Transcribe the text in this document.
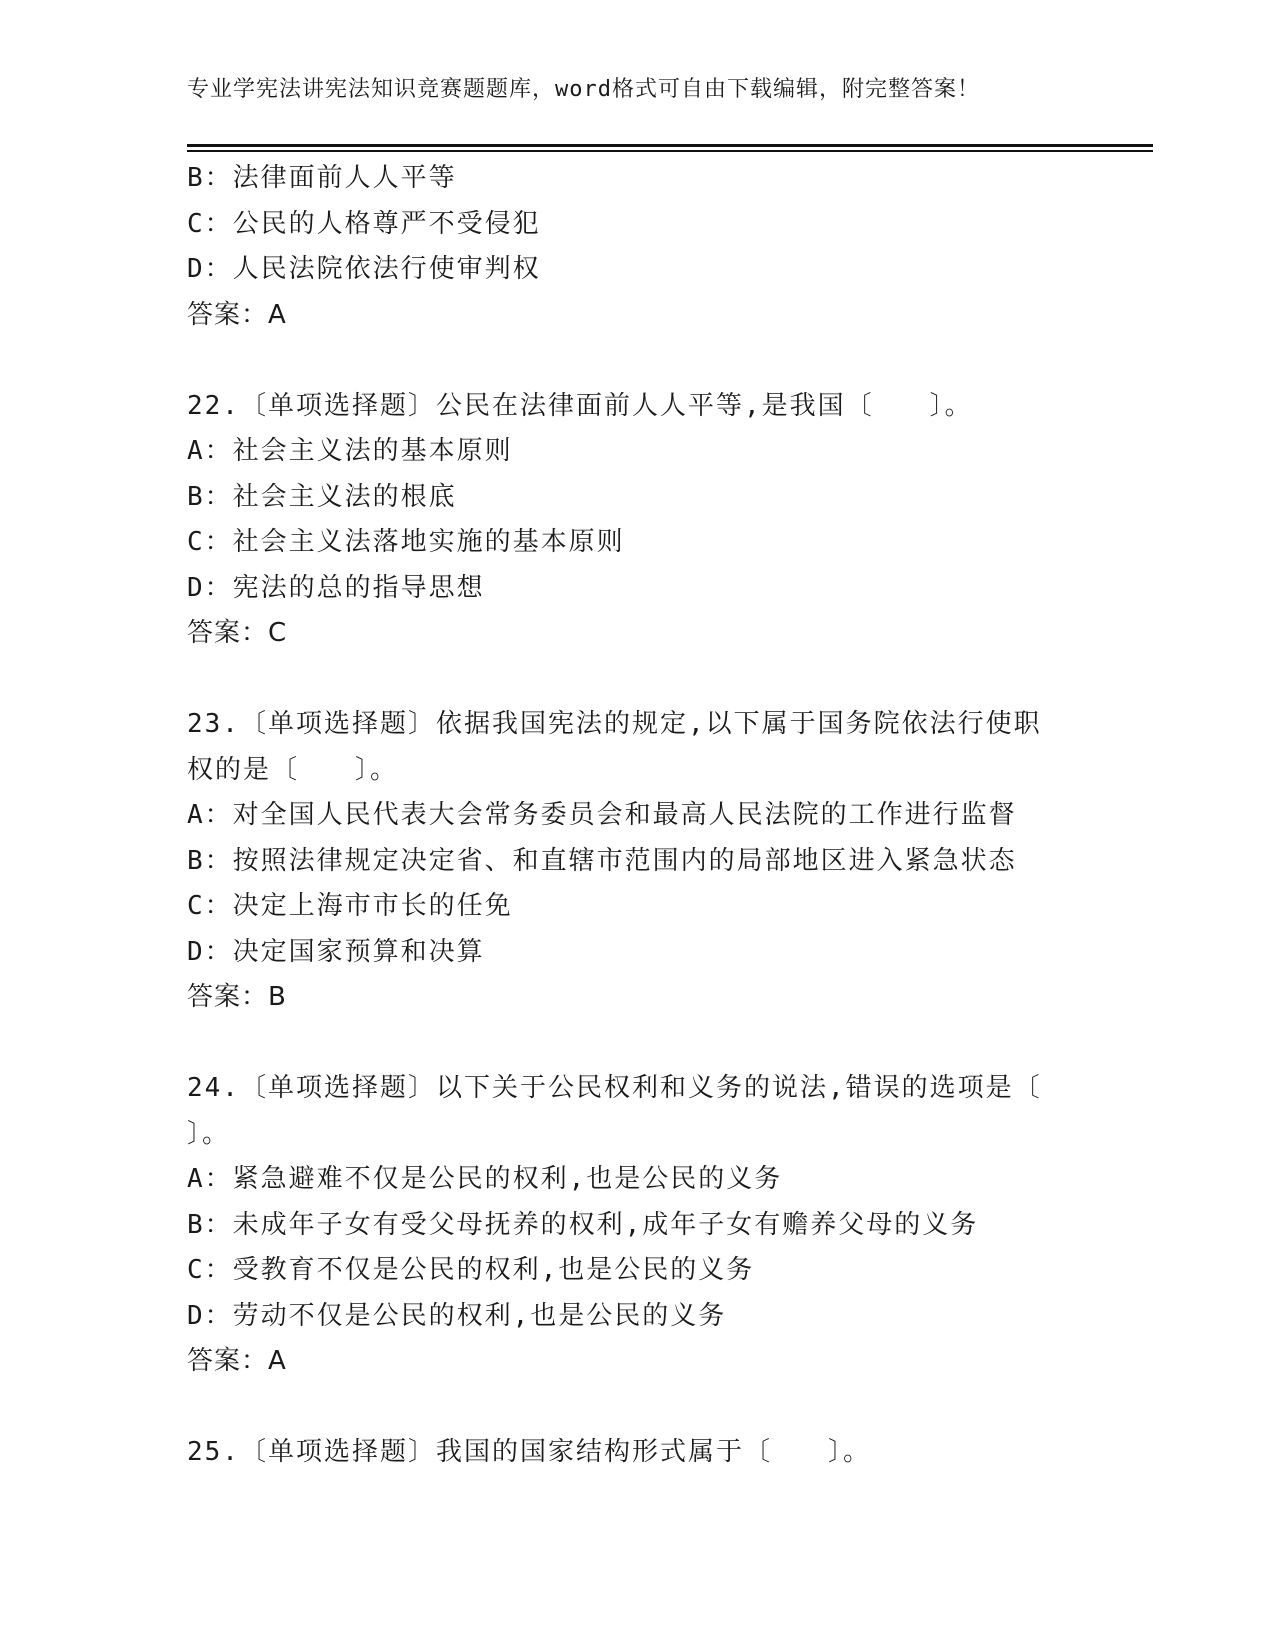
专业学宪法讲宪法知识竞赛题题库，word格式可自由下载编辑，附完整答案！
B：法律面前人人平等
C：公民的人格尊严不受侵犯
D：人民法院依法行使审判权
答案：A
22.〔单项选择题〕公民在法律面前人人平等,是我国〔　　〕。
A：社会主义法的基本原则
B：社会主义法的根底
C：社会主义法落地实施的基本原则
D：宪法的总的指导思想
答案：C
23.〔单项选择题〕依据我国宪法的规定,以下属于国务院依法行使职
权的是〔　　〕。
A：对全国人民代表大会常务委员会和最高人民法院的工作进行监督
B：按照法律规定决定省、和直辖市范围内的局部地区进入紧急状态
C：决定上海市市长的任免
D：决定国家预算和决算
答案：B
24.〔单项选择题〕以下关于公民权利和义务的说法,错误的选项是〔
〕。
A：紧急避难不仅是公民的权利,也是公民的义务
B：未成年子女有受父母抚养的权利,成年子女有赡养父母的义务
C：受教育不仅是公民的权利,也是公民的义务
D：劳动不仅是公民的权利,也是公民的义务
答案：A
25.〔单项选择题〕我国的国家结构形式属于〔　　〕。
